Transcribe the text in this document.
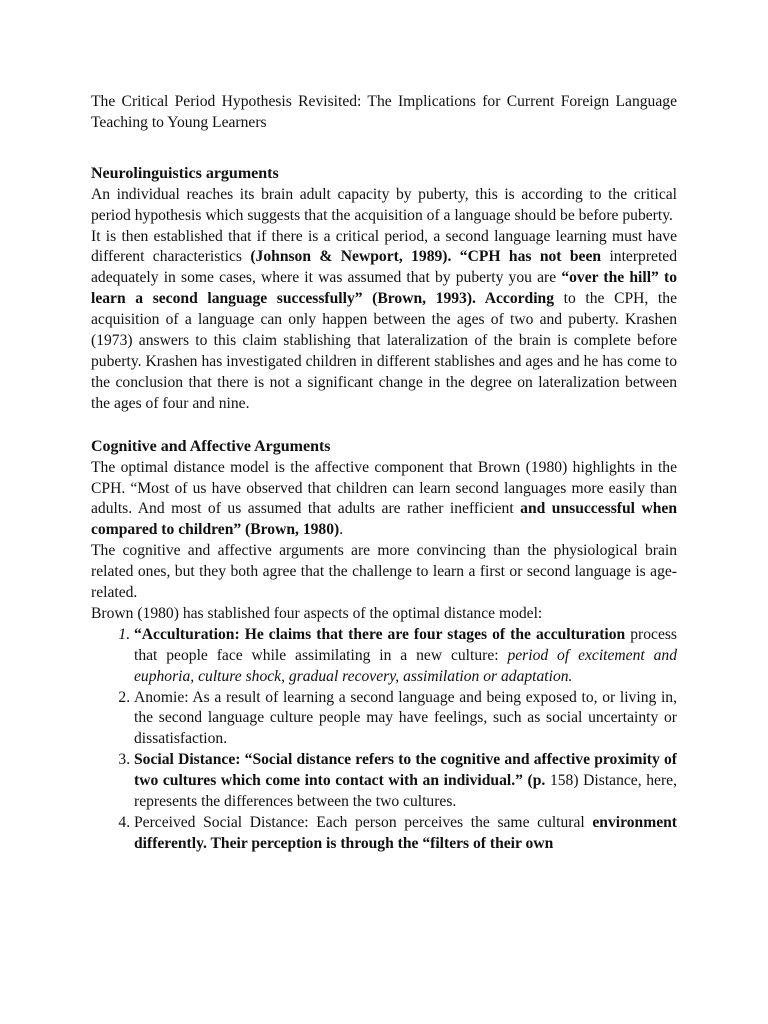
The Critical Period Hypothesis Revisited: The Implications for Current Foreign Language Teaching to Young Learners

Neurolinguistics arguments

An individual reaches its brain adult capacity by puberty, this is according to the critical period hypothesis which suggests that the acquisition of a language should be before puberty.

It is then established that if there is a critical period, a second language learning must have different characteristics (Johnson & Newport, 1989). “CPH has not been interpreted adequately in some cases, where it was assumed that by puberty you are “over the hill” to learn a second language successfully” (Brown, 1993). According to the CPH, the acquisition of a language can only happen between the ages of two and puberty. Krashen (1973) answers to this claim stablishing that lateralization of the brain is complete before puberty. Krashen has investigated children in different stablishes and ages and he has come to the conclusion that there is not a significant change in the degree on lateralization between the ages of four and nine.

Cognitive and Affective Arguments

The optimal distance model is the affective component that Brown (1980) highlights in the CPH. “Most of us have observed that children can learn second languages more easily than adults. And most of us assumed that adults are rather inefficient and unsuccessful when compared to children” (Brown, 1980).

The cognitive and affective arguments are more convincing than the physiological brain related ones, but they both agree that the challenge to learn a first or second language is age-related.

Brown (1980) has stablished four aspects of the optimal distance model:

1. “Acculturation: He claims that there are four stages of the acculturation process that people face while assimilating in a new culture: period of excitement and euphoria, culture shock, gradual recovery, assimilation or adaptation.
2. Anomie: As a result of learning a second language and being exposed to, or living in, the second language culture people may have feelings, such as social uncertainty or dissatisfaction.
3. Social Distance: “Social distance refers to the cognitive and affective proximity of two cultures which come into contact with an individual.” (p. 158) Distance, here, represents the differences between the two cultures.
4. Perceived Social Distance: Each person perceives the same cultural environment differently. Their perception is through the “filters of their own
